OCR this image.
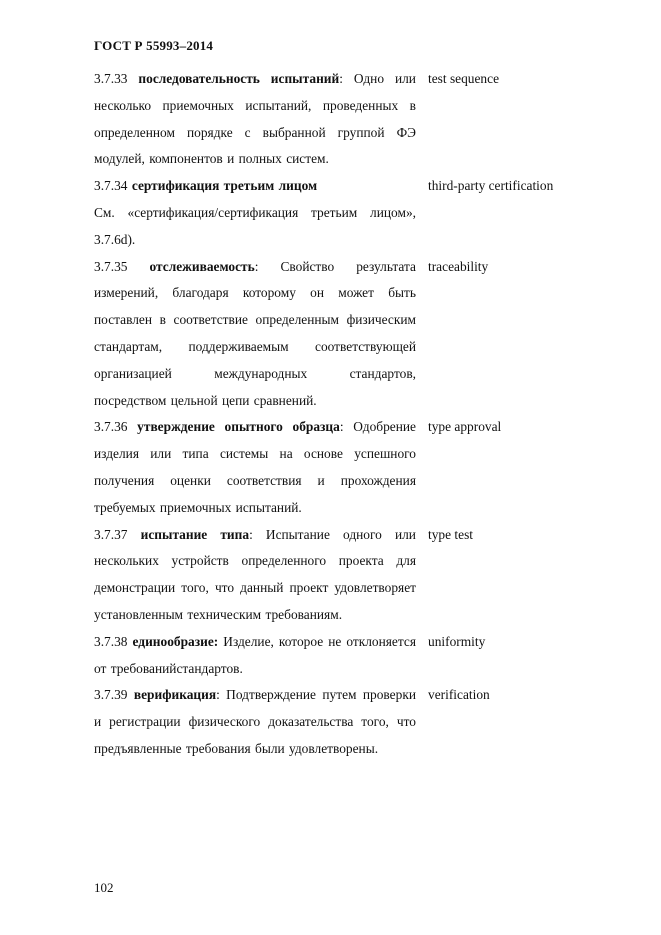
ГОСТ Р 55993–2014
3.7.33 последовательность испытаний: Одно или несколько приемочных испытаний, проведенных в определенном порядке с выбранной группой ФЭ модулей, компонентов и полных систем.
test sequence
3.7.34 сертификация третьим лицом
См. «сертификация/сертификация третьим лицом», 3.7.6d).
third-party certification
3.7.35 отслеживаемость: Свойство результата измерений, благодаря которому он может быть поставлен в соответствие определенным физическим стандартам, поддерживаемым соответствующей организацией международных стандартов, посредством цельной цепи сравнений.
traceability
3.7.36 утверждение опытного образца: Одобрение изделия или типа системы на основе успешного получения оценки соответствия и прохождения требуемых приемочных испытаний.
type approval
3.7.37 испытание типа: Испытание одного или нескольких устройств определенного проекта для демонстрации того, что данный проект удовлетворяет установленным техническим требованиям.
type test
3.7.38 единообразие: Изделие, которое не отклоняется от требованийстандартов.
uniformity
3.7.39 верификация: Подтверждение путем проверки и регистрации физического доказательства того, что предъявленные требования были удовлетворены.
verification
102
